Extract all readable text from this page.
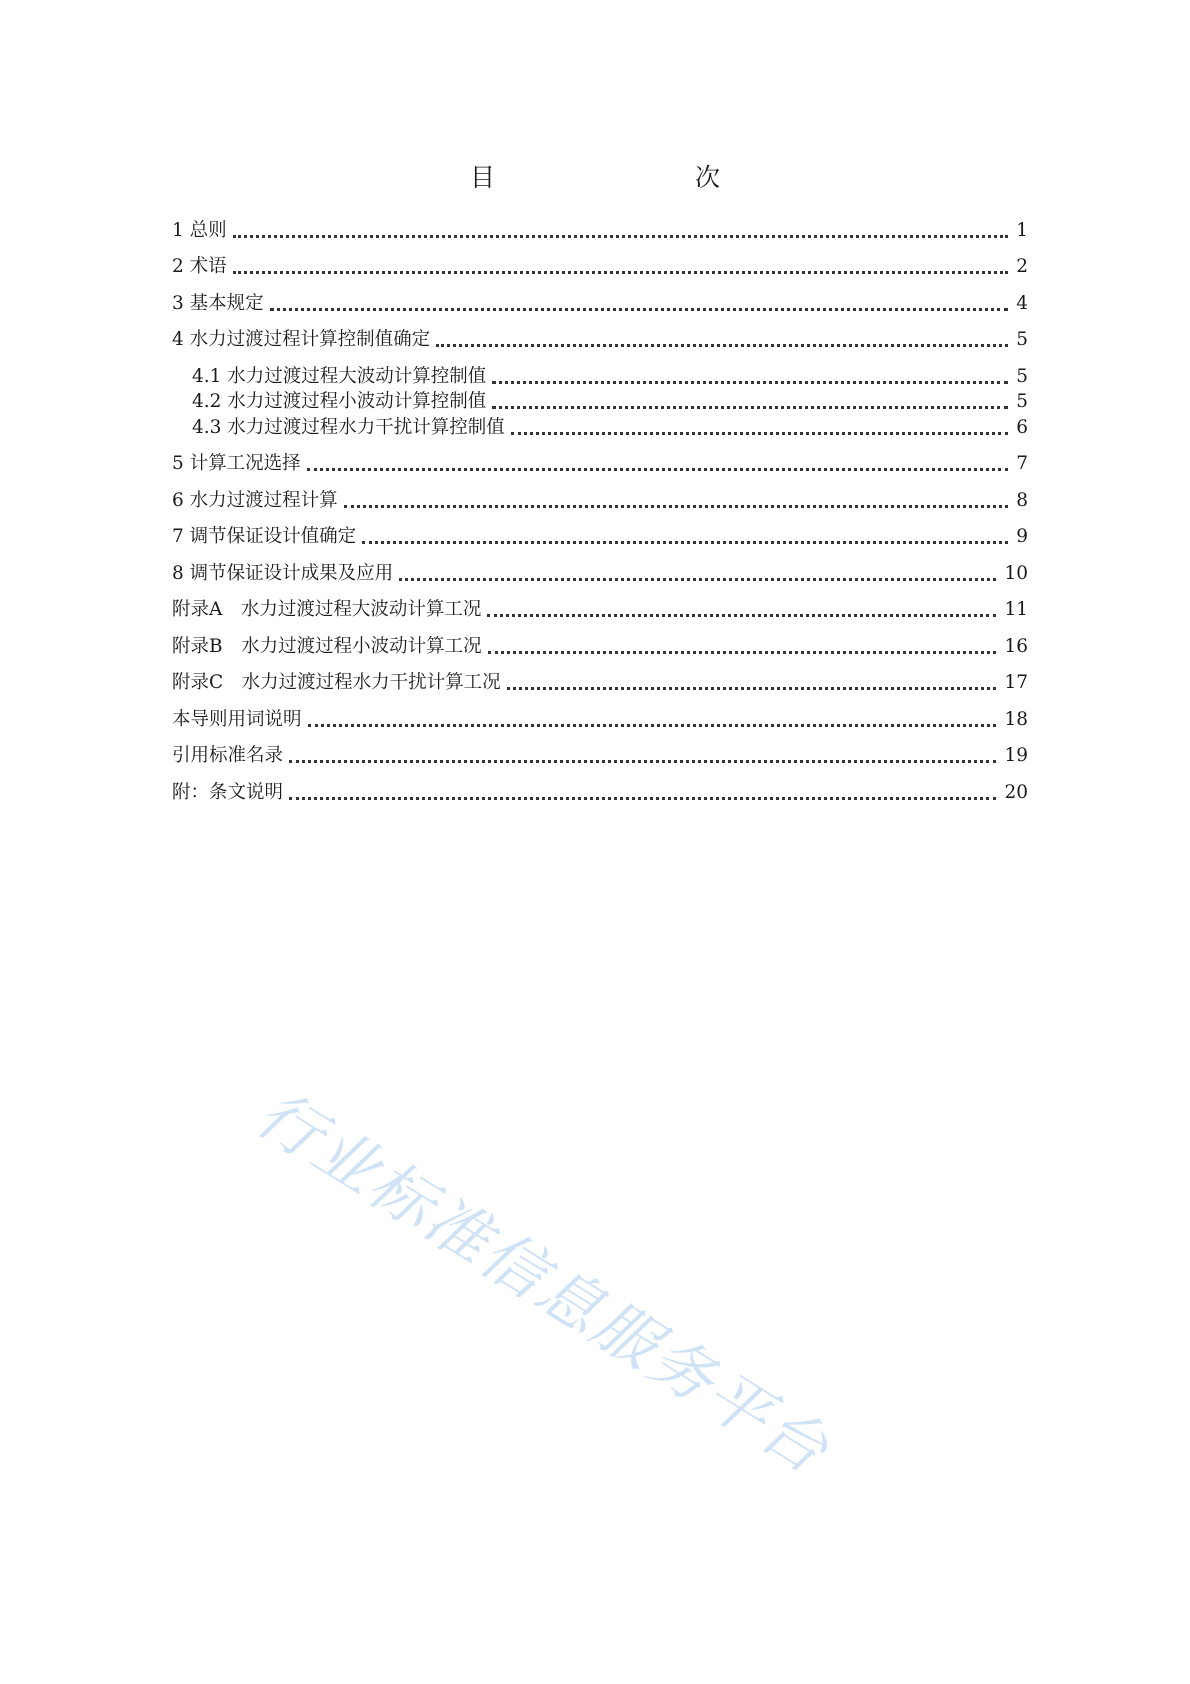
目　　次
1 总则	1
2 术语	2
3 基本规定	4
4 水力过渡过程计算控制值确定	5
4.1 水力过渡过程大波动计算控制值	5
4.2 水力过渡过程小波动计算控制值	5
4.3 水力过渡过程水力干扰计算控制值	6
5 计算工况选择	7
6 水力过渡过程计算	8
7 调节保证设计值确定	9
8 调节保证设计成果及应用	10
附录A　水力过渡过程大波动计算工况	11
附录B　水力过渡过程小波动计算工况	16
附录C　水力过渡过程水力干扰计算工况	17
本导则用词说明	18
引用标准名录	19
附：条文说明	20
行业标准信息服务平台
